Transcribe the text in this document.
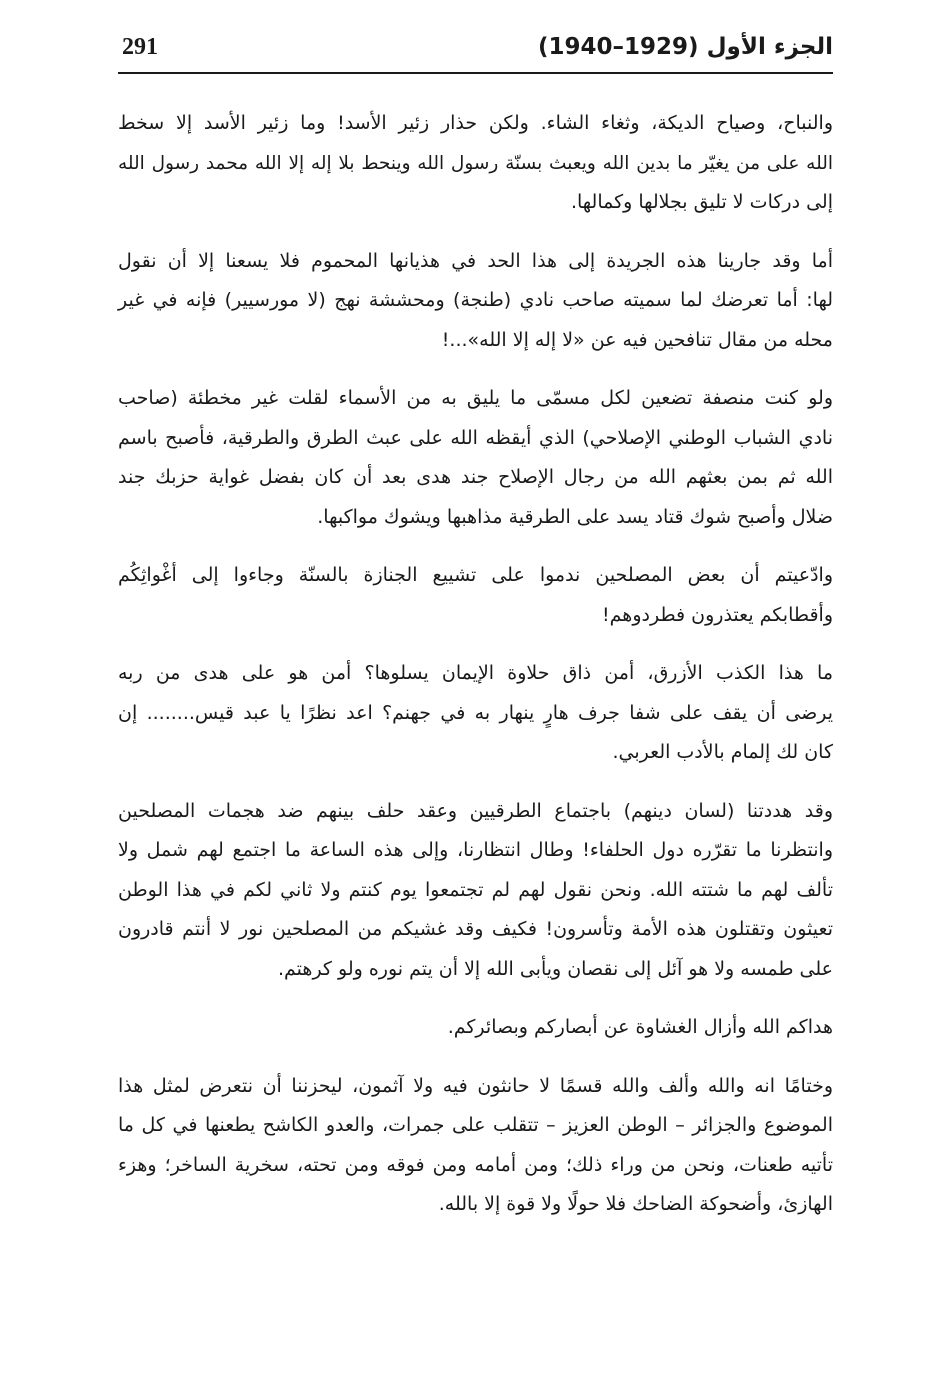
291	الجزء الأول (1929–1940)
والنباح، وصياح الديكة، وثغاء الشاء. ولكن حذار زئير الأسد! وما زئير الأسد إلا سخط
الله على من يغيّر ما بدين الله ويعبث بسنّة رسول الله وينحط بلا إله إلا الله محمد رسول الله
إلى دركات لا تليق بجلالها وكمالها.
أما وقد جارينا هذه الجريدة إلى هذا الحد في هذيانها المحموم فلا يسعنا إلا أن نقول
لها: أما تعرضك لما سميته صاحب نادي (طنجة) ومحششة نهج (لا مورسيير) فإنه في غير
محله من مقال تنافحين فيه عن «لا إله إلا الله»...!
ولو كنت منصفة تضعين لكل مسمّى ما يليق به من الأسماء لقلت غير مخطئة (صاحب
نادي الشباب الوطني الإصلاحي) الذي أيقظه الله على عبث الطرق والطرقية، فأصبح باسم
الله ثم بمن بعثهم الله من رجال الإصلاح جند هدى بعد أن كان بفضل غواية حزبك جند
ضلال وأصبح شوك قتاد يسد على الطرقية مذاهبها ويشوك مواكبها.
وادّعيتم أن بعض المصلحين ندموا على تشييع الجنازة بالسنّة وجاءوا إلى أغْواثِكُم
وأقطابكم يعتذرون فطردوهم!
ما هذا الكذب الأزرق، أمن ذاق حلاوة الإيمان يسلوها؟ أمن هو على هدى من ربه
يرضى أن يقف على شفا جرف هارٍ ينهار به في جهنم؟ اعد نظرًا يا عبد قيس........ إن
كان لك إلمام بالأدب العربي.
وقد هددتنا (لسان دينهم) باجتماع الطرقيين وعقد حلف بينهم ضد هجمات المصلحين
وانتظرنا ما تقرّره دول الحلفاء! وطال انتظارنا، وإلى هذه الساعة ما اجتمع لهم شمل ولا
تألف لهم ما شتته الله. ونحن نقول لهم لم تجتمعوا يوم كنتم ولا ثاني لكم في هذا الوطن
تعيثون وتقتلون هذه الأمة وتأسرون! فكيف وقد غشيكم من المصلحين نور لا أنتم قادرون
على طمسه ولا هو آئل إلى نقصان ويأبى الله إلا أن يتم نوره ولو كرهتم.
هداكم الله وأزال الغشاوة عن أبصاركم وبصائركم.
وختامًا انه والله وألف والله قسمًا لا حانثون فيه ولا آثمون، ليحزننا أن نتعرض لمثل هذا
الموضوع والجزائر – الوطن العزيز – تتقلب على جمرات، والعدو الكاشح يطعنها في كل ما
تأتيه طعنات، ونحن من وراء ذلك؛ ومن أمامه ومن فوقه ومن تحته، سخرية الساخر؛ وهزء
الهازئ، وأضحوكة الضاحك فلا حولًا ولا قوة إلا بالله.
